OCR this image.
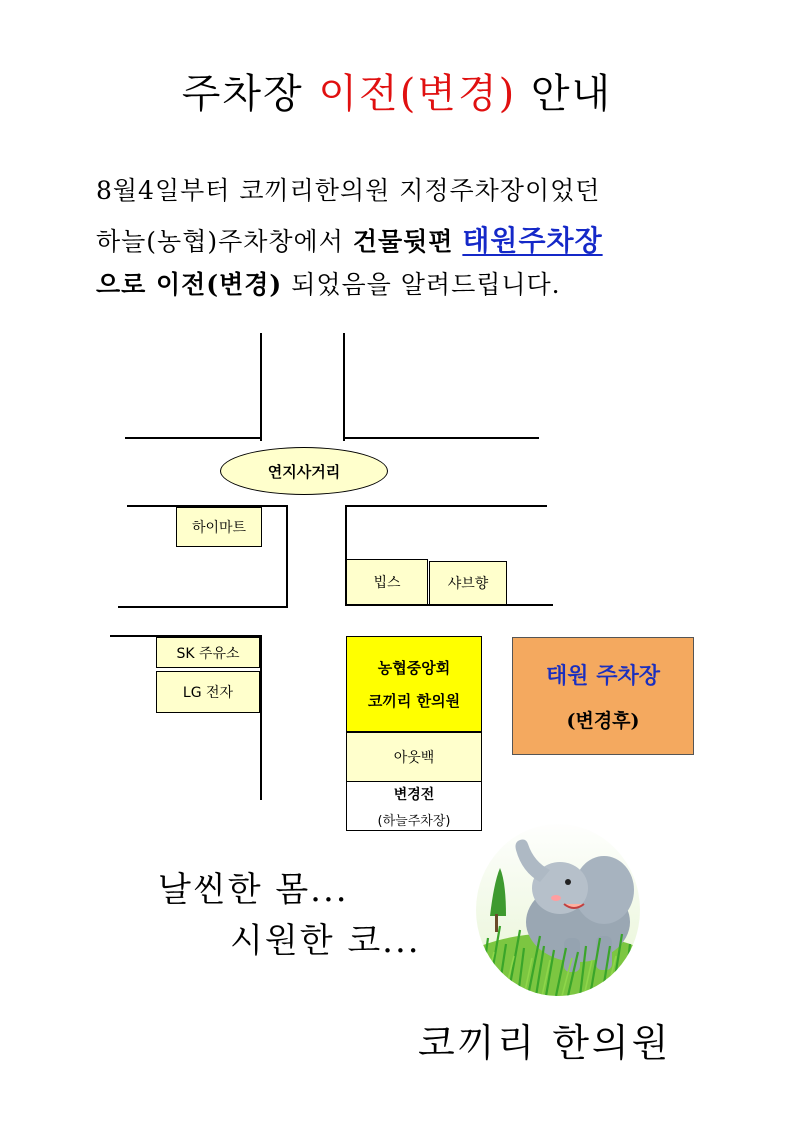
주차장 이전(변경) 안내
8월4일부터 코끼리한의원 지정주차장이었던
하늘(농협)주차창에서 건물뒷편 태원주차장
으로 이전(변경) 되었음을 알려드립니다.
연지사거리
하이마트
빕스	샤브향
SK 주유소
LG 전자
농협중앙회
코끼리 한의원
아웃백
변경전
(하늘주차장)
태원 주차장
(변경후)
날씬한 몸...
시원한 코...
코끼리 한의원
